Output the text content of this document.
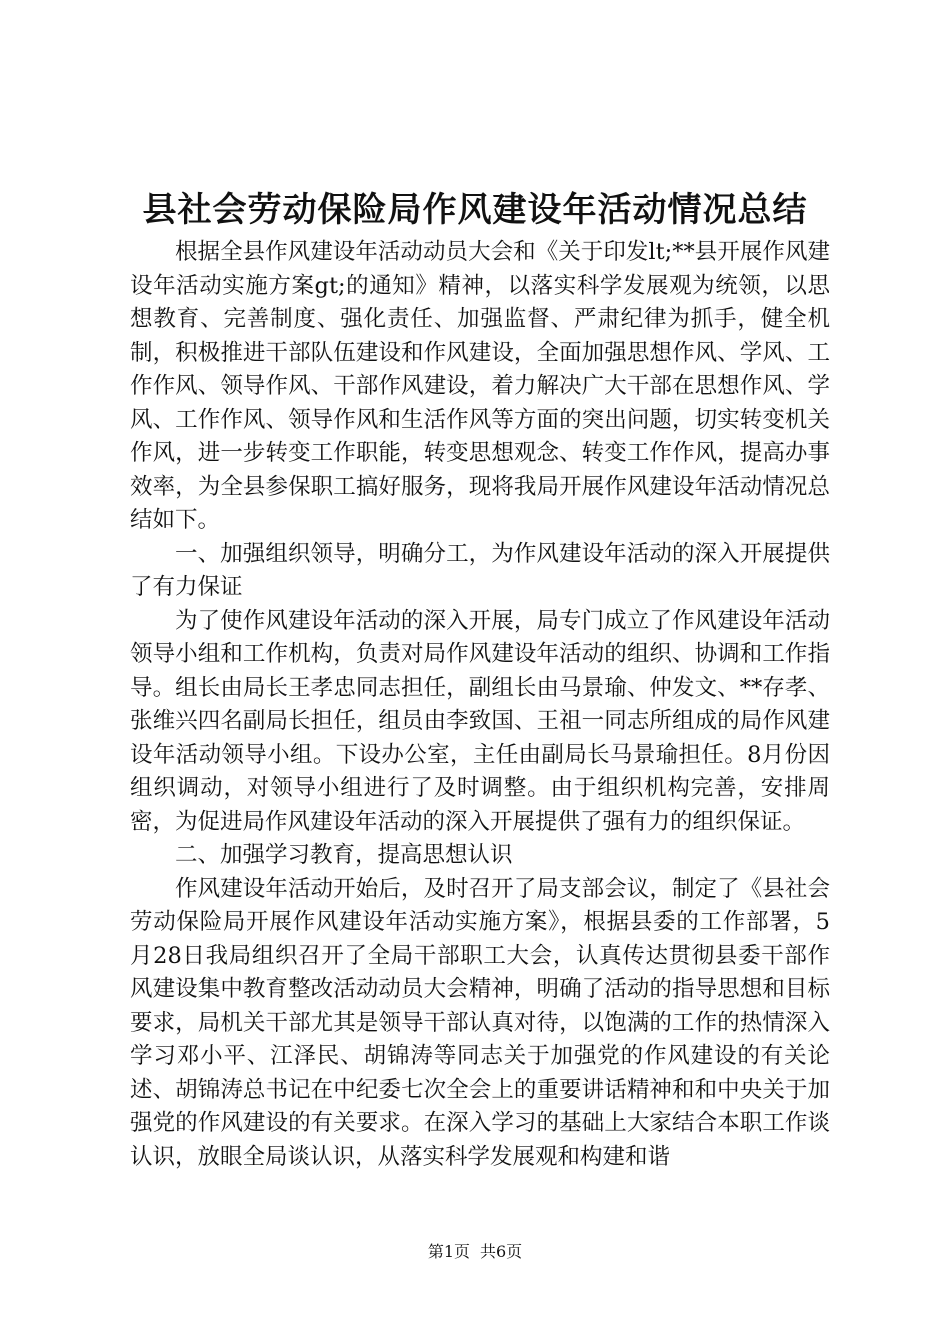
县社会劳动保险局作风建设年活动情况总结

根据全县作风建设年活动动员大会和《关于印发lt;**县开展作风建设年活动实施方案gt;的通知》精神，以落实科学发展观为统领，以思想教育、完善制度、强化责任、加强监督、严肃纪律为抓手，健全机制，积极推进干部队伍建设和作风建设，全面加强思想作风、学风、工作作风、领导作风、干部作风建设，着力解决广大干部在思想作风、学风、工作作风、领导作风和生活作风等方面的突出问题，切实转变机关作风，进一步转变工作职能，转变思想观念、转变工作作风，提高办事效率，为全县参保职工搞好服务，现将我局开展作风建设年活动情况总结如下。

一、加强组织领导，明确分工，为作风建设年活动的深入开展提供了有力保证

为了使作风建设年活动的深入开展，局专门成立了作风建设年活动领导小组和工作机构，负责对局作风建设年活动的组织、协调和工作指导。组长由局长王孝忠同志担任，副组长由马景瑜、仲发文、**存孝、张维兴四名副局长担任，组员由李致国、王祖一同志所组成的局作风建设年活动领导小组。下设办公室，主任由副局长马景瑜担任。8月份因组织调动，对领导小组进行了及时调整。由于组织机构完善，安排周密，为促进局作风建设年活动的深入开展提供了强有力的组织保证。

二、加强学习教育，提高思想认识

作风建设年活动开始后，及时召开了局支部会议，制定了《县社会劳动保险局开展作风建设年活动实施方案》，根据县委的工作部署，5月28日我局组织召开了全局干部职工大会，认真传达贯彻县委干部作风建设集中教育整改活动动员大会精神，明确了活动的指导思想和目标要求，局机关干部尤其是领导干部认真对待，以饱满的工作的热情深入学习邓小平、江泽民、胡锦涛等同志关于加强党的作风建设的有关论述、胡锦涛总书记在中纪委七次全会上的重要讲话精神和和中央关于加强党的作风建设的有关要求。在深入学习的基础上大家结合本职工作谈认识，放眼全局谈认识，从落实科学发展观和构建和谐

第1页 共6页
